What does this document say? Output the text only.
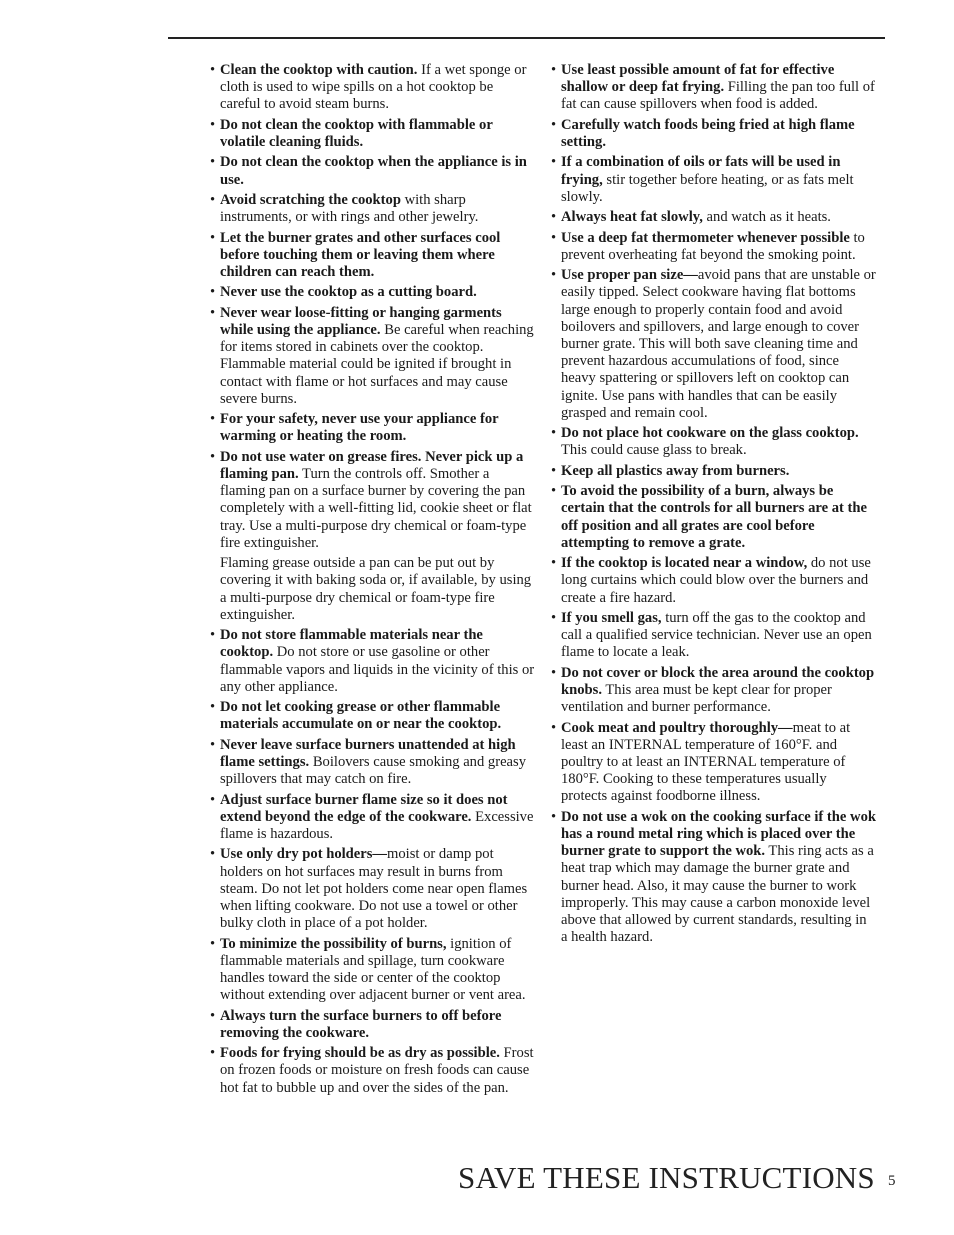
• Clean the cooktop with caution. If a wet sponge or cloth is used to wipe spills on a hot cooktop be careful to avoid steam burns.
• Do not clean the cooktop with flammable or volatile cleaning fluids.
• Do not clean the cooktop when the appliance is in use.
• Avoid scratching the cooktop with sharp instruments, or with rings and other jewelry.
• Let the burner grates and other surfaces cool before touching them or leaving them where children can reach them.
• Never use the cooktop as a cutting board.
• Never wear loose-fitting or hanging garments while using the appliance. Be careful when reaching for items stored in cabinets over the cooktop. Flammable material could be ignited if brought in contact with flame or hot surfaces and may cause severe burns.
• For your safety, never use your appliance for warming or heating the room.
• Do not use water on grease fires. Never pick up a flaming pan. Turn the controls off. Smother a flaming pan on a surface burner by covering the pan completely with a well-fitting lid, cookie sheet or flat tray. Use a multi-purpose dry chemical or foam-type fire extinguisher.
Flaming grease outside a pan can be put out by covering it with baking soda or, if available, by using a multi-purpose dry chemical or foam-type fire extinguisher.
• Do not store flammable materials near the cooktop. Do not store or use gasoline or other flammable vapors and liquids in the vicinity of this or any other appliance.
• Do not let cooking grease or other flammable materials accumulate on or near the cooktop.
• Never leave surface burners unattended at high flame settings. Boilovers cause smoking and greasy spillovers that may catch on fire.
• Adjust surface burner flame size so it does not extend beyond the edge of the cookware. Excessive flame is hazardous.
• Use only dry pot holders—moist or damp pot holders on hot surfaces may result in burns from steam. Do not let pot holders come near open flames when lifting cookware. Do not use a towel or other bulky cloth in place of a pot holder.
• To minimize the possibility of burns, ignition of flammable materials and spillage, turn cookware handles toward the side or center of the cooktop without extending over adjacent burner or vent area.
• Always turn the surface burners to off before removing the cookware.
• Foods for frying should be as dry as possible. Frost on frozen foods or moisture on fresh foods can cause hot fat to bubble up and over the sides of the pan.
• Use least possible amount of fat for effective shallow or deep fat frying. Filling the pan too full of fat can cause spillovers when food is added.
• Carefully watch foods being fried at high flame setting.
• If a combination of oils or fats will be used in frying, stir together before heating, or as fats melt slowly.
• Always heat fat slowly, and watch as it heats.
• Use a deep fat thermometer whenever possible to prevent overheating fat beyond the smoking point.
• Use proper pan size—avoid pans that are unstable or easily tipped. Select cookware having flat bottoms large enough to properly contain food and avoid boilovers and spillovers, and large enough to cover burner grate. This will both save cleaning time and prevent hazardous accumulations of food, since heavy spattering or spillovers left on cooktop can ignite. Use pans with handles that can be easily grasped and remain cool.
• Do not place hot cookware on the glass cooktop. This could cause glass to break.
• Keep all plastics away from burners.
• To avoid the possibility of a burn, always be certain that the controls for all burners are at the off position and all grates are cool before attempting to remove a grate.
• If the cooktop is located near a window, do not use long curtains which could blow over the burners and create a fire hazard.
• If you smell gas, turn off the gas to the cooktop and call a qualified service technician. Never use an open flame to locate a leak.
• Do not cover or block the area around the cooktop knobs. This area must be kept clear for proper ventilation and burner performance.
• Cook meat and poultry thoroughly—meat to at least an INTERNAL temperature of 160°F. and poultry to at least an INTERNAL temperature of 180°F. Cooking to these temperatures usually protects against foodborne illness.
• Do not use a wok on the cooking surface if the wok has a round metal ring which is placed over the burner grate to support the wok. This ring acts as a heat trap which may damage the burner grate and burner head. Also, it may cause the burner to work improperly. This may cause a carbon monoxide level above that allowed by current standards, resulting in a health hazard.
SAVE THESE INSTRUCTIONS 5
